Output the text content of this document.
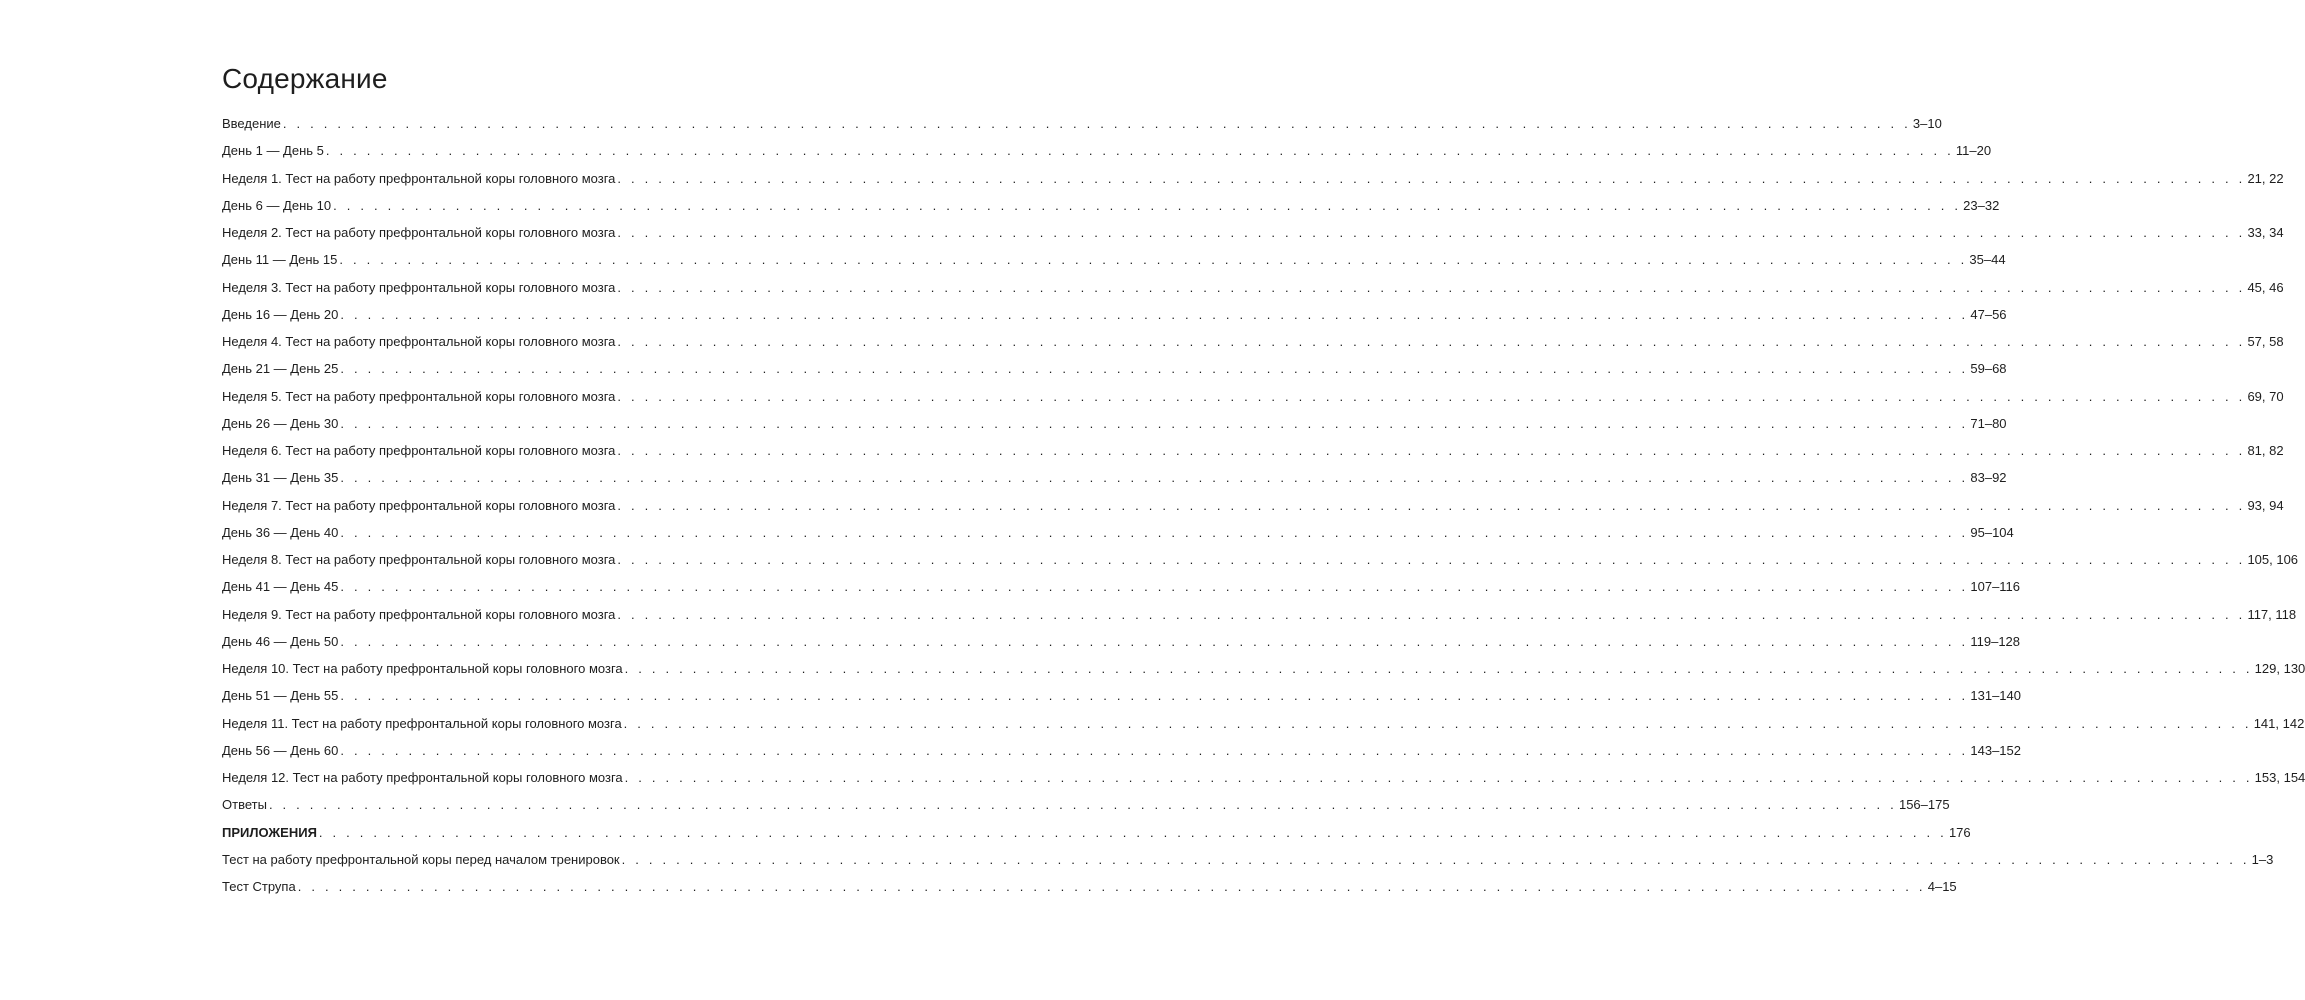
Содержание
Введение . . . . . . . . . . . . . . . . . . . . . . . . . . . . . . . . . . . . . . . . . . . . . . . . . . . . . . . . . . . . . . . . . . . . . . . . . . . . . . . . . . . . . . . . . . . . . . . . . . . . . . . . . . . . . . . . . . . . . . . . 3–10
День 1 — День 5 . . . . . . . . . . . . . . . . . . . . . . . . . . . . . . . . . . . . . . . . . . . . . . . . . . . . . . . . . . . . . . . . . . . . . . . . . . . . . . . . . . . . . . . . . . . . . . . . . . . . . . . . . . . . . . . . . . . . . . . . 11–20
Неделя 1. Тест на работу префронтальной коры головного мозга . . . . . . . . . . . . . . . . . . . . . . . . . . . . . . . . . . . . . . . . . . . . . . . . . . . . . . . . . . . . . . . . . . . . . . . . . . . . . . . . . . . . . . . . . . . . . . . . . . . . . . . . . . . . . . . . . . . . . . . . 21, 22
День 6 — День 10 . . . . . . . . . . . . . . . . . . . . . . . . . . . . . . . . . . . . . . . . . . . . . . . . . . . . . . . . . . . . . . . . . . . . . . . . . . . . . . . . . . . . . . . . . . . . . . . . . . . . . . . . . . . . . . . . . . . . . . . . 23–32
Неделя 2. Тест на работу префронтальной коры головного мозга . . . . . . . . . . . . . . . . . . . . . . . . . . . . . . . . . . . . . . . . . . . . . . . . . . . . . . . . . . . . . . . . . . . . . . . . . . . . . . . . . . . . . . . . . . . . . . . . . . . . . . . . . . . . . . . . . . . . . . . . 33, 34
День 11 — День 15 . . . . . . . . . . . . . . . . . . . . . . . . . . . . . . . . . . . . . . . . . . . . . . . . . . . . . . . . . . . . . . . . . . . . . . . . . . . . . . . . . . . . . . . . . . . . . . . . . . . . . . . . . . . . . . . . . . . . . . . . 35–44
Неделя 3. Тест на работу префронтальной коры головного мозга . . . . . . . . . . . . . . . . . . . . . . . . . . . . . . . . . . . . . . . . . . . . . . . . . . . . . . . . . . . . . . . . . . . . . . . . . . . . . . . . . . . . . . . . . . . . . . . . . . . . . . . . . . . . . . . . . . . . . . . . 45, 46
День 16 — День 20 . . . . . . . . . . . . . . . . . . . . . . . . . . . . . . . . . . . . . . . . . . . . . . . . . . . . . . . . . . . . . . . . . . . . . . . . . . . . . . . . . . . . . . . . . . . . . . . . . . . . . . . . . . . . . . . . . . . . . . . . 47–56
Неделя 4. Тест на работу префронтальной коры головного мозга . . . . . . . . . . . . . . . . . . . . . . . . . . . . . . . . . . . . . . . . . . . . . . . . . . . . . . . . . . . . . . . . . . . . . . . . . . . . . . . . . . . . . . . . . . . . . . . . . . . . . . . . . . . . . . . . . . . . . . . . 57, 58
День 21 — День 25 . . . . . . . . . . . . . . . . . . . . . . . . . . . . . . . . . . . . . . . . . . . . . . . . . . . . . . . . . . . . . . . . . . . . . . . . . . . . . . . . . . . . . . . . . . . . . . . . . . . . . . . . . . . . . . . . . . . . . . . . 59–68
Неделя 5. Тест на работу префронтальной коры головного мозга . . . . . . . . . . . . . . . . . . . . . . . . . . . . . . . . . . . . . . . . . . . . . . . . . . . . . . . . . . . . . . . . . . . . . . . . . . . . . . . . . . . . . . . . . . . . . . . . . . . . . . . . . . . . . . . . . . . . . . . . 69, 70
День 26 — День 30 . . . . . . . . . . . . . . . . . . . . . . . . . . . . . . . . . . . . . . . . . . . . . . . . . . . . . . . . . . . . . . . . . . . . . . . . . . . . . . . . . . . . . . . . . . . . . . . . . . . . . . . . . . . . . . . . . . . . . . . . 71–80
Неделя 6. Тест на работу префронтальной коры головного мозга . . . . . . . . . . . . . . . . . . . . . . . . . . . . . . . . . . . . . . . . . . . . . . . . . . . . . . . . . . . . . . . . . . . . . . . . . . . . . . . . . . . . . . . . . . . . . . . . . . . . . . . . . . . . . . . . . . . . . . . . 81, 82
День 31 — День 35 . . . . . . . . . . . . . . . . . . . . . . . . . . . . . . . . . . . . . . . . . . . . . . . . . . . . . . . . . . . . . . . . . . . . . . . . . . . . . . . . . . . . . . . . . . . . . . . . . . . . . . . . . . . . . . . . . . . . . . . . 83–92
Неделя 7. Тест на работу префронтальной коры головного мозга . . . . . . . . . . . . . . . . . . . . . . . . . . . . . . . . . . . . . . . . . . . . . . . . . . . . . . . . . . . . . . . . . . . . . . . . . . . . . . . . . . . . . . . . . . . . . . . . . . . . . . . . . . . . . . . . . . . . . . . . 93, 94
День 36 — День 40 . . . . . . . . . . . . . . . . . . . . . . . . . . . . . . . . . . . . . . . . . . . . . . . . . . . . . . . . . . . . . . . . . . . . . . . . . . . . . . . . . . . . . . . . . . . . . . . . . . . . . . . . . . . . . . . . . . . . . . . . 95–104
Неделя 8. Тест на работу префронтальной коры головного мозга . . . . . . . . . . . . . . . . . . . . . . . . . . . . . . . . . . . . . . . . . . . . . . . . . . . . . . . . . . . . . . . . . . . . . . . . . . . . . . . . . . . . . . . . . . . . . . . . . . . . . . . . . . . . . . . . . . . . . . . . 105, 106
День 41 — День 45 . . . . . . . . . . . . . . . . . . . . . . . . . . . . . . . . . . . . . . . . . . . . . . . . . . . . . . . . . . . . . . . . . . . . . . . . . . . . . . . . . . . . . . . . . . . . . . . . . . . . . . . . . . . . . . . . . . . . . . . . 107–116
Неделя 9. Тест на работу префронтальной коры головного мозга . . . . . . . . . . . . . . . . . . . . . . . . . . . . . . . . . . . . . . . . . . . . . . . . . . . . . . . . . . . . . . . . . . . . . . . . . . . . . . . . . . . . . . . . . . . . . . . . . . . . . . . . . . . . . . . . . . . . . . . . 117, 118
День 46 — День 50 . . . . . . . . . . . . . . . . . . . . . . . . . . . . . . . . . . . . . . . . . . . . . . . . . . . . . . . . . . . . . . . . . . . . . . . . . . . . . . . . . . . . . . . . . . . . . . . . . . . . . . . . . . . . . . . . . . . . . . . . 119–128
Неделя 10. Тест на работу префронтальной коры головного мозга . . . . . . . . . . . . . . . . . . . . . . . . . . . . . . . . . . . . . . . . . . . . . . . . . . . . . . . . . . . . . . . . . . . . . . . . . . . . . . . . . . . . . . . . . . . . . . . . . . . . . . . . . . . . . . . . . . . . . . . . 129, 130
День 51 — День 55 . . . . . . . . . . . . . . . . . . . . . . . . . . . . . . . . . . . . . . . . . . . . . . . . . . . . . . . . . . . . . . . . . . . . . . . . . . . . . . . . . . . . . . . . . . . . . . . . . . . . . . . . . . . . . . . . . . . . . . . . 131–140
Неделя 11. Тест на работу префронтальной коры головного мозга . . . . . . . . . . . . . . . . . . . . . . . . . . . . . . . . . . . . . . . . . . . . . . . . . . . . . . . . . . . . . . . . . . . . . . . . . . . . . . . . . . . . . . . . . . . . . . . . . . . . . . . . . . . . . . . . . . . . . . . . 141, 142
День 56 — День 60 . . . . . . . . . . . . . . . . . . . . . . . . . . . . . . . . . . . . . . . . . . . . . . . . . . . . . . . . . . . . . . . . . . . . . . . . . . . . . . . . . . . . . . . . . . . . . . . . . . . . . . . . . . . . . . . . . . . . . . . . 143–152
Неделя 12. Тест на работу префронтальной коры головного мозга . . . . . . . . . . . . . . . . . . . . . . . . . . . . . . . . . . . . . . . . . . . . . . . . . . . . . . . . . . . . . . . . . . . . . . . . . . . . . . . . . . . . . . . . . . . . . . . . . . . . . . . . . . . . . . . . . . . . . . . . 153, 154
Ответы . . . . . . . . . . . . . . . . . . . . . . . . . . . . . . . . . . . . . . . . . . . . . . . . . . . . . . . . . . . . . . . . . . . . . . . . . . . . . . . . . . . . . . . . . . . . . . . . . . . . . . . . . . . . . . . . . . . . . . . . 156–175
ПРИЛОЖЕНИЯ . . . . . . . . . . . . . . . . . . . . . . . . . . . . . . . . . . . . . . . . . . . . . . . . . . . . . . . . . . . . . . . . . . . . . . . . . . . . . . . . . . . . . . . . . . . . . . . . . . . . . . . . . . . . . . . . . . . . . . . . 176
Тест на работу префронтальной коры перед началом тренировок . . . . . . . . . . . . . . . . . . . . . . . . . . . . . . . . . . . . . . . . . . . . . . . . . . . . . . . . . . . . . . . . . . . . . . . . . . . . . . . . . . . . . . . . . . . . . . . . . . . . . . . . . . . . . . . . . . . . . . . . 1–3
Тест Струпа . . . . . . . . . . . . . . . . . . . . . . . . . . . . . . . . . . . . . . . . . . . . . . . . . . . . . . . . . . . . . . . . . . . . . . . . . . . . . . . . . . . . . . . . . . . . . . . . . . . . . . . . . . . . . . . . . . . . . . . . 4–15
